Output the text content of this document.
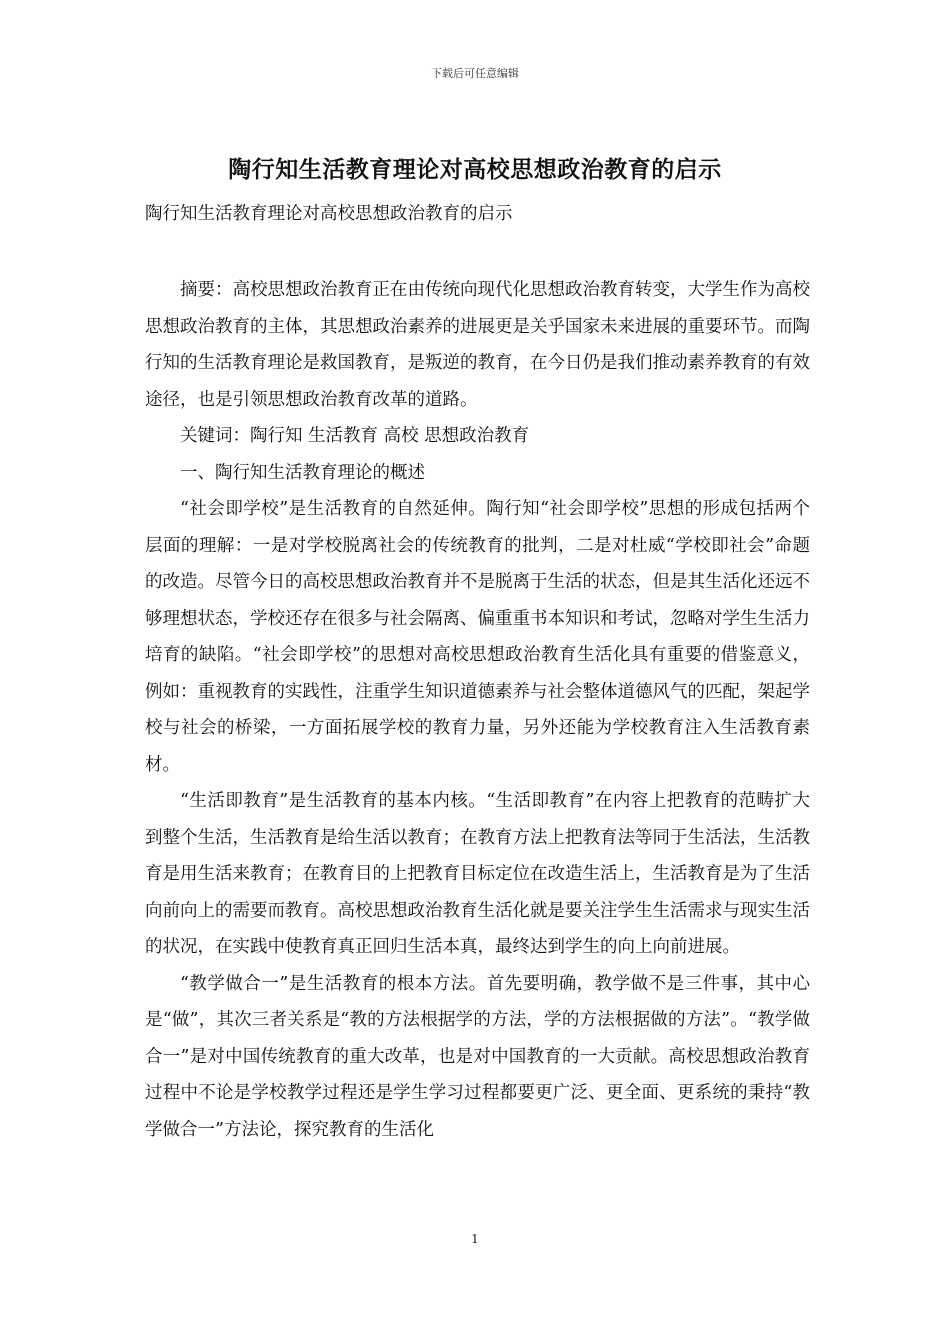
下载后可任意编辑
陶行知生活教育理论对高校思想政治教育的启示

陶行知生活教育理论对高校思想政治教育的启示

摘要：高校思想政治教育正在由传统向现代化思想政治教育转变，大学生作为高校思想政治教育的主体，其思想政治素养的进展更是关乎国家未来进展的重要环节。而陶行知的生活教育理论是救国教育，是叛逆的教育，在今日仍是我们推动素养教育的有效途径，也是引领思想政治教育改革的道路。

关键词：陶行知 生活教育 高校 思想政治教育

一、陶行知生活教育理论的概述

“社会即学校”是生活教育的自然延伸。陶行知“社会即学校”思想的形成包括两个层面的理解：一是对学校脱离社会的传统教育的批判，二是对杜威“学校即社会”命题的改造。尽管今日的高校思想政治教育并不是脱离于生活的状态，但是其生活化还远不够理想状态，学校还存在很多与社会隔离、偏重重书本知识和考试，忽略对学生生活力培育的缺陷。“社会即学校”的思想对高校思想政治教育生活化具有重要的借鉴意义，例如：重视教育的实践性，注重学生知识道德素养与社会整体道德风气的匹配，架起学校与社会的桥梁，一方面拓展学校的教育力量，另外还能为学校教育注入生活教育素材。

“生活即教育”是生活教育的基本内核。“生活即教育”在内容上把教育的范畴扩大到整个生活，生活教育是给生活以教育；在教育方法上把教育法等同于生活法，生活教育是用生活来教育；在教育目的上把教育目标定位在改造生活上，生活教育是为了生活向前向上的需要而教育。高校思想政治教育生活化就是要关注学生生活需求与现实生活的状况，在实践中使教育真正回归生活本真，最终达到学生的向上向前进展。

“教学做合一”是生活教育的根本方法。首先要明确，教学做不是三件事，其中心是“做”，其次三者关系是“教的方法根据学的方法，学的方法根据做的方法”。“教学做合一”是对中国传统教育的重大改革，也是对中国教育的一大贡献。高校思想政治教育过程中不论是学校教学过程还是学生学习过程都要更广泛、更全面、更系统的秉持“教学做合一”方法论，探究教育的生活化

1
